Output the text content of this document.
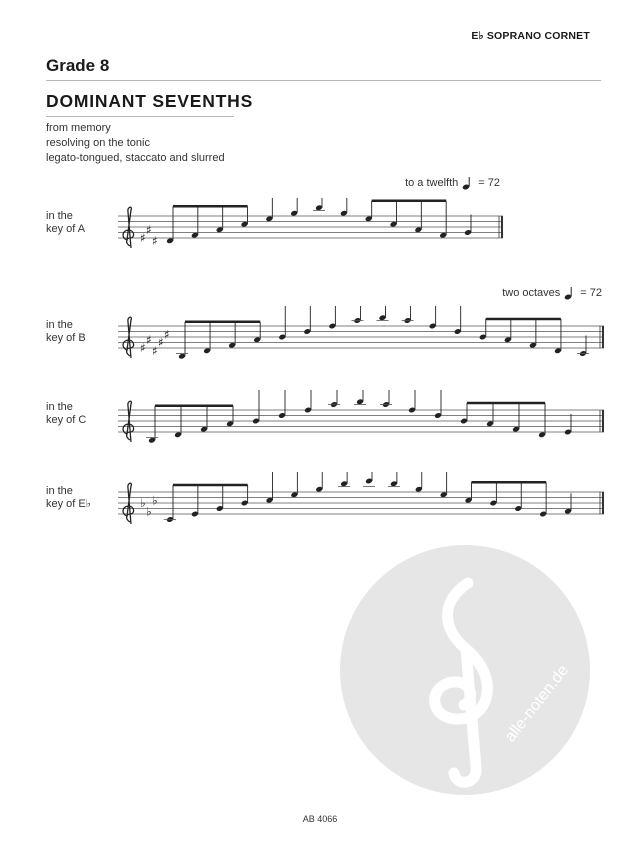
E♭ SOPRANO CORNET
Grade 8
DOMINANT SEVENTHS
from memory
resolving on the tonic
legato-tongued, staccato and slurred
to a twelfth = 72
two octaves = 72
in the
key of A
in the
key of B
in the
key of C
in the
key of E♭
♯
♯
♯
♯
♯
♯
♯
♯
♭
♭
♭
alle-noten.de
AB 4066
